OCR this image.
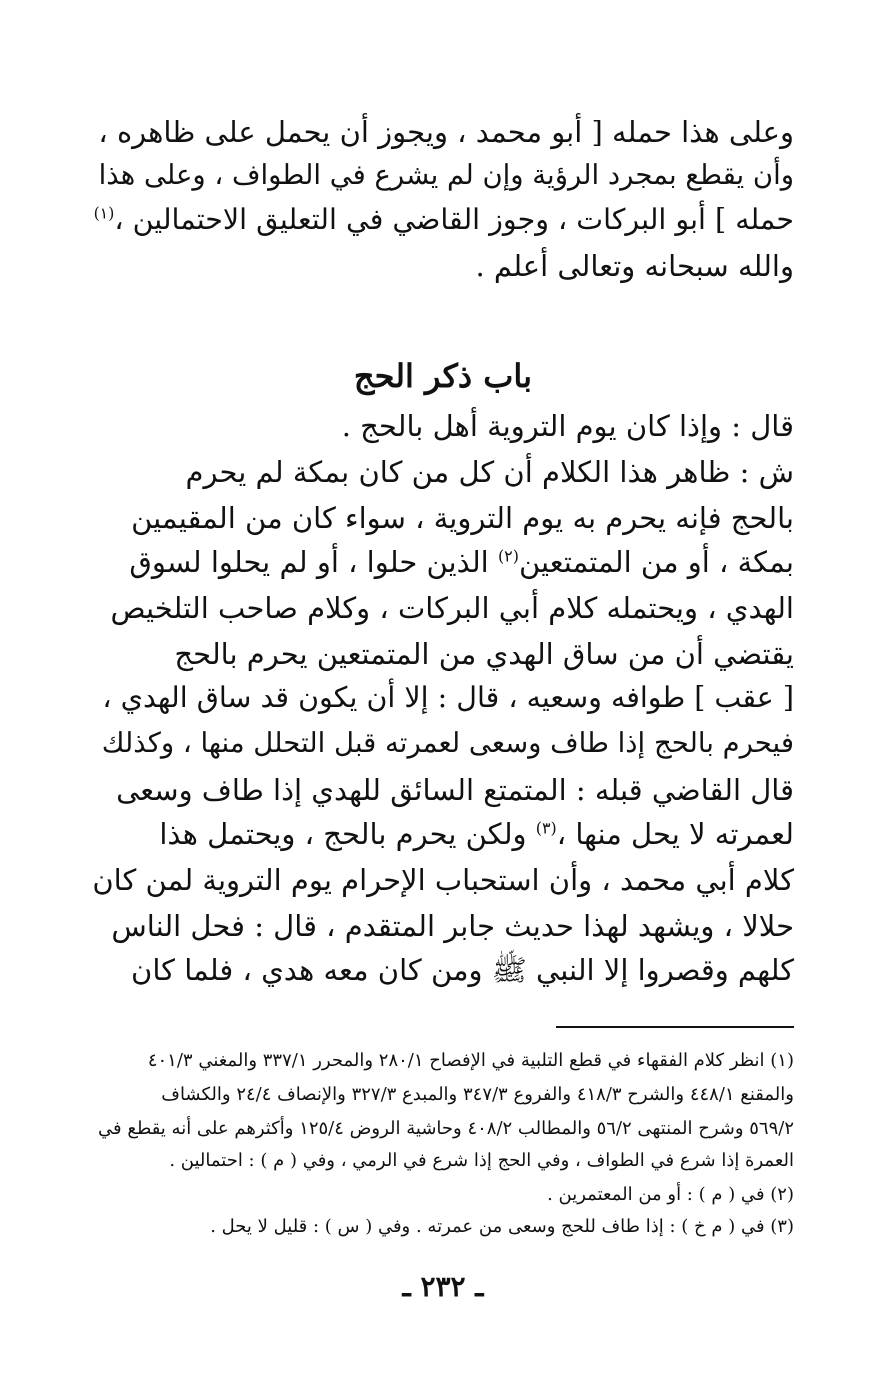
وعلى هذا حمله [ أبو محمد ، ويجوز أن يحمل على ظاهره ،

وأن يقطع بمجرد الرؤية وإن لم يشرع في الطواف ، وعلى هذا

حمله ] أبو البركات ، وجوز القاضي في التعليق الاحتمالين ،$^{(١)}$

والله سبحانه وتعالى أعلم .

باب ذكر الحج

قال : وإذا كان يوم التروية أهل بالحج .

ش : ظاهر هذا الكلام أن كل من كان بمكة لم يحرم

بالحج فإنه يحرم به يوم التروية ، سواء كان من المقيمين

بمكة ، أو من المتمتعين$^{(٢)}$ الذين حلوا ، أو لم يحلوا لسوق

الهدي ، ويحتمله كلام أبي البركات ، وكلام صاحب التلخيص

يقتضي أن من ساق الهدي من المتمتعين يحرم بالحج

[ عقب ] طوافه وسعيه ، قال : إلا أن يكون قد ساق الهدي ،

فيحرم بالحج إذا طاف وسعى لعمرته قبل التحلل منها ، وكذلك

قال القاضي قبله : المتمتع السائق للهدي إذا طاف وسعى

لعمرته لا يحل منها ،$^{(٣)}$ ولكن يحرم بالحج ، ويحتمل هذا

كلام أبي محمد ، وأن استحباب الإحرام يوم التروية لمن كان

حلالا ، ويشهد لهذا حديث جابر المتقدم ، قال : فحل الناس

كلهم وقصروا إلا النبي ﷺ ومن كان معه هدي ، فلما كان

(١) انظر كلام الفقهاء في قطع التلبية في الإفصاح ٢٨٠/١ والمحرر ٣٣٧/١ والمغني ٤٠١/٣

والمقنع ٤٤٨/١ والشرح ٤١٨/٣ والفروع ٣٤٧/٣ والمبدع ٣٢٧/٣ والإنصاف ٢٤/٤ والكشاف

٥٦٩/٢ وشرح المنتهى ٥٦/٢ والمطالب ٤٠٨/٢ وحاشية الروض ١٢٥/٤ وأكثرهم على أنه يقطع في

العمرة إذا شرع في الطواف ، وفي الحج إذا شرع في الرمي ، وفي ( م ) : احتمالين .

(٢) في ( م ) : أو من المعتمرين .

(٣) في ( م خ ) : إذا طاف للحج وسعى من عمرته . وفي ( س ) : قليل لا يحل .

ـ ٢٣٢ ـ
